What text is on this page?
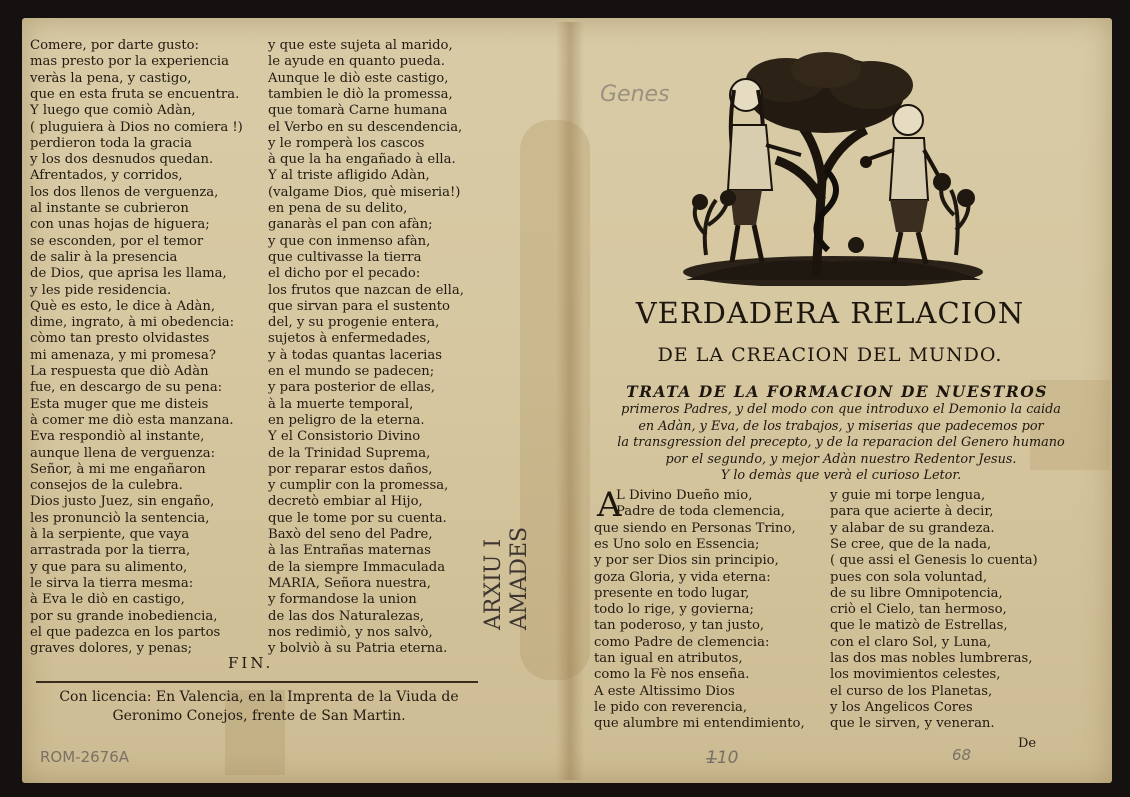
Comere, por darte gusto:
mas presto por la experiencia
veràs la pena, y castigo,
que en esta fruta se encuentra.
Y luego que comiò Adàn,
( pluguiera à Dios no comiera !)
perdieron toda la gracia
y los dos desnudos quedan.
Afrentados, y corridos,
los dos llenos de verguenza,
al instante se cubrieron
con unas hojas de higuera;
se esconden, por el temor
de salir à la presencia
de Dios, que aprisa les llama,
y les pide residencia.
Què es esto, le dice à Adàn,
dime, ingrato, à mi obedencia:
còmo tan presto olvidastes
mi amenaza, y mi promesa?
La respuesta que diò Adàn
fue, en descargo de su pena:
Esta muger que me disteis
à comer me diò esta manzana.
Eva respondiò al instante,
aunque llena de verguenza:
Señor, à mi me engañaron
consejos de la culebra.
Dios justo Juez, sin engaño,
les pronunciò la sentencia,
à la serpiente, que vaya
arrastrada por la tierra,
y que para su alimento,
le sirva la tierra mesma:
à Eva le diò en castigo,
por su grande inobediencia,
el que padezca en los partos
graves dolores, y penas;
y que este sujeta al marido,
le ayude en quanto pueda.
Aunque le diò este castigo,
tambien le diò la promessa,
que tomarà Carne humana
el Verbo en su descendencia,
y le romperà los cascos
à que la ha engañado à ella.
Y al triste afligido Adàn,
(valgame Dios, què miseria!)
en pena de su delito,
ganaràs el pan con afàn;
y que con inmenso afàn,
que cultivasse la tierra
el dicho por el pecado:
los frutos que nazcan de ella,
que sirvan para el sustento
del, y su progenie entera,
sujetos à enfermedades,
y à todas quantas lacerias
en el mundo se padecen;
y para posterior de ellas,
à la muerte temporal,
en peligro de la eterna.
Y el Consistorio Divino
de la Trinidad Suprema,
por reparar estos daños,
y cumplir con la promessa,
decretò embiar al Hijo,
que le tome por su cuenta.
Baxò del seno del Padre,
à las Entrañas maternas
de la siempre Immaculada
MARIA, Señora nuestra,
y formandose la union
de las dos Naturalezas,
nos redimiò, y nos salvò,
y bolviò à su Patria eterna.
FIN.
Con licencia: En Valencia, en la Imprenta de la Viuda de
Geronimo Conejos, frente de San Martin.
VERDADERA RELACION
DE LA CREACION DEL MUNDO.
TRATA DE LA FORMACION DE NUESTROS
primeros Padres, y del modo con que introduxo el Demonio la caida
en Adàn, y Eva, de los trabajos, y miserias que padecemos por
la transgression del precepto, y de la reparacion del Genero humano
por el segundo, y mejor Adàn nuestro Redentor Jesus.
Y lo demàs que verà el curioso Letor.
A
L Divino Dueño mio,
Padre de toda clemencia,
que siendo en Personas Trino,
es Uno solo en Essencia;
y por ser Dios sin principio,
goza Gloria, y vida eterna:
presente en todo lugar,
todo lo rige, y govierna;
tan poderoso, y tan justo,
como Padre de clemencia:
tan igual en atributos,
como la Fè nos enseña.
A este Altissimo Dios
le pido con reverencia,
que alumbre mi entendimiento,
y guie mi torpe lengua,
para que acierte à decir,
y alabar de su grandeza.
Se cree, que de la nada,
( que assi el Genesis lo cuenta)
pues con sola voluntad,
de su libre Omnipotencia,
criò el Cielo, tan hermoso,
que le matizò de Estrellas,
con el claro Sol, y Luna,
las dos mas nobles lumbreras,
los movimientos celestes,
el curso de los Planetas,
y los Angelicos Cores
que le sirven, y veneran.
De
ARXIU I AMADES
ROM-2676A	1̶10	68
Genes
